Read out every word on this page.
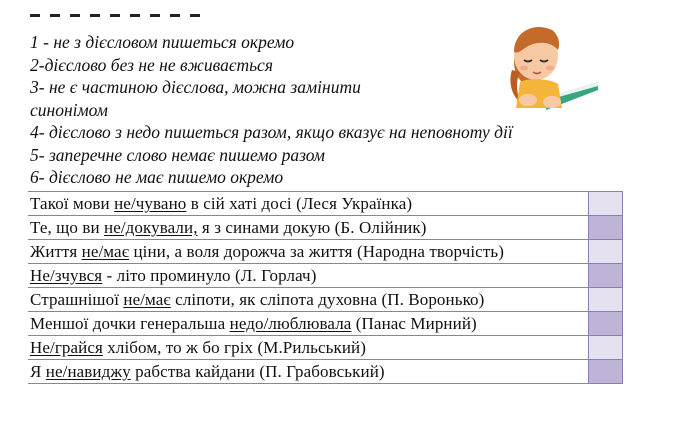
1 - не з дієсловом пишеться окремо
2-дієслово без не не вживається
3- не є частиною дієслова, можна замінити
синонімом
4- дієслово з недо пишеться разом, якщо вказує на неповноту дії
5- заперечне слово немає пишемо разом
6- дієслово не має пишемо окремо
Такої мови не/чувано в сій хаті досі (Леся Українка)
Те, що ви не/докували, я з синами докую (Б. Олійник)
Життя не/має ціни, а воля дорожча за життя (Народна творчість)
Не/зчувся - літо проминуло (Л. Горлач)
Страшнішої не/має сліпоти, як сліпота духовна (П. Воронько)
Меншої дочки генеральша недо/люблювала (Панас Мирний)
Не/грайся хлібом, то ж бо гріх (М.Рильський)
Я не/навиджу рабства кайдани (П. Грабовський)
